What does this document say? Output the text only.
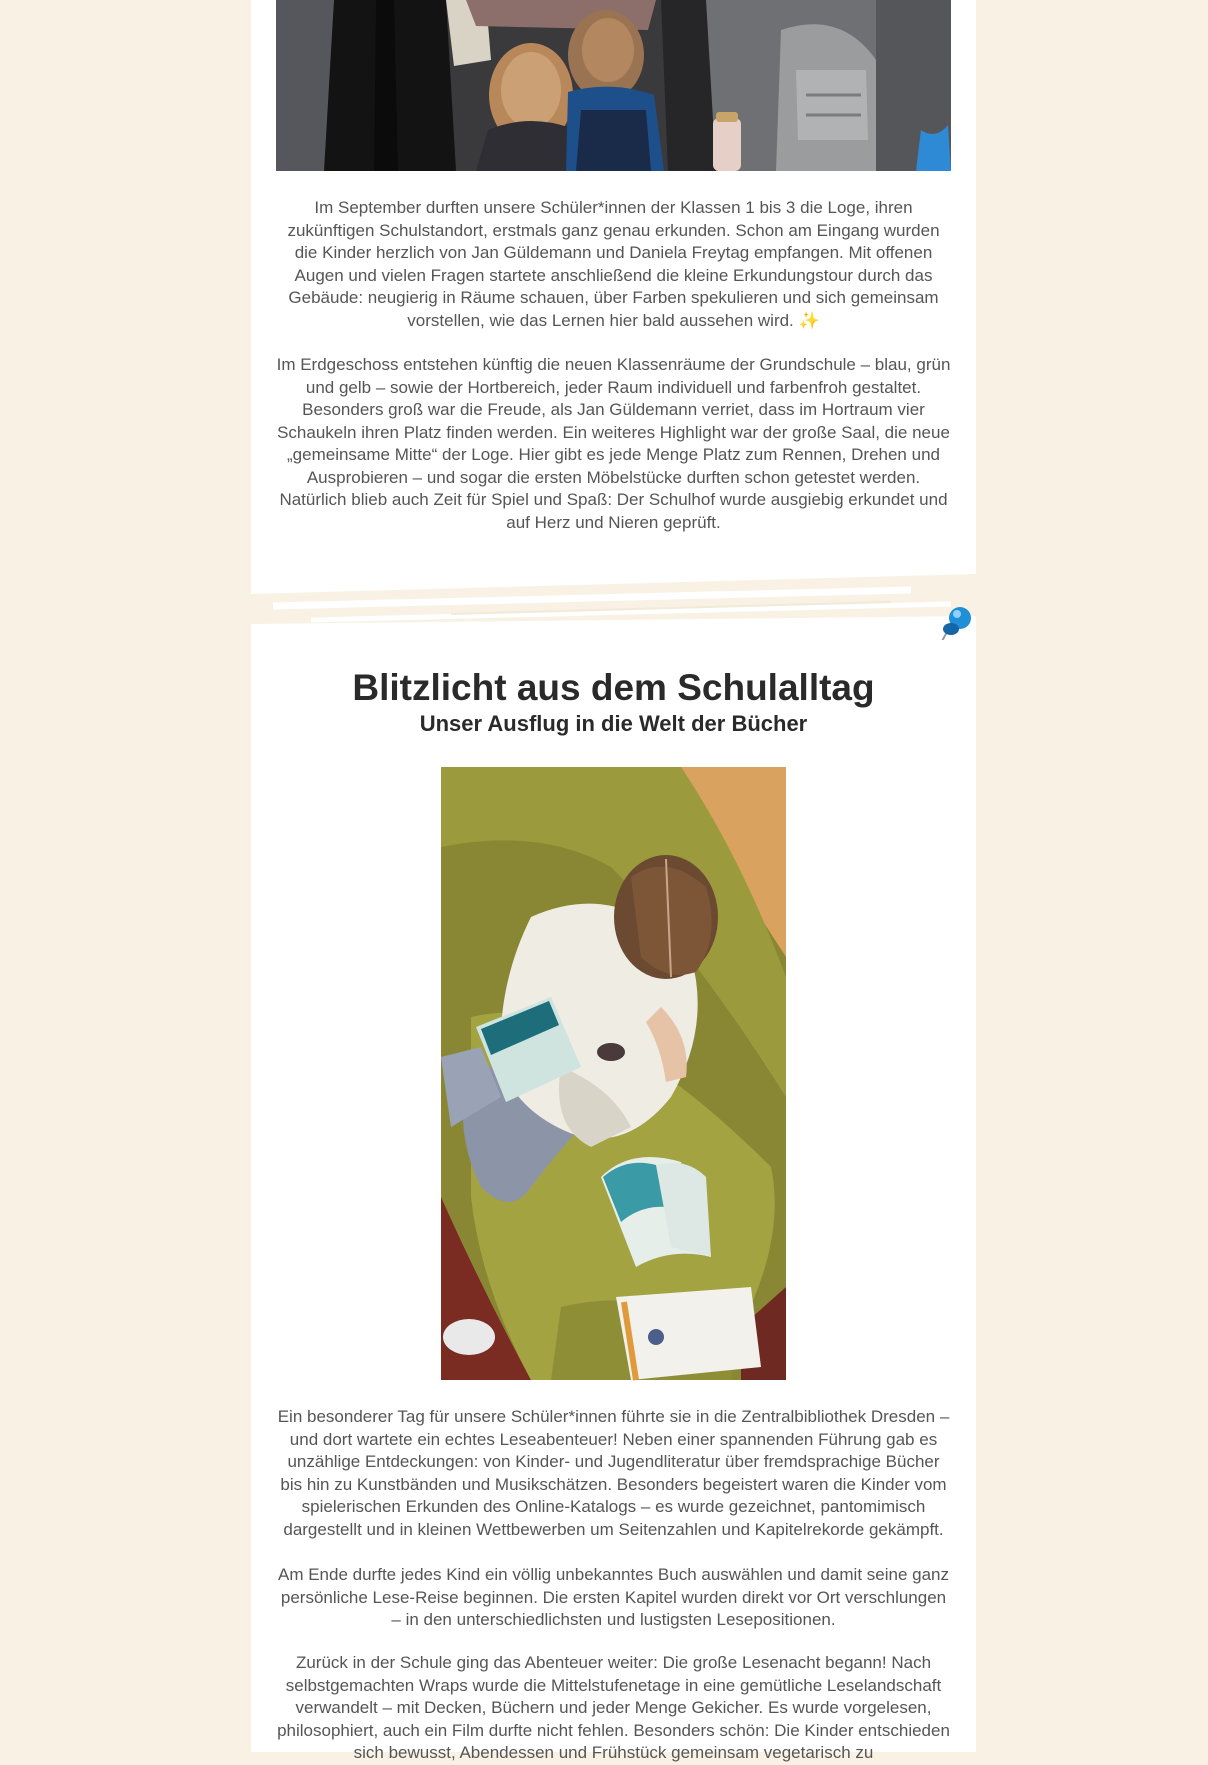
Im September durften unsere Schüler*innen der Klassen 1 bis 3 die Loge, ihren zukünftigen Schulstandort, erstmals ganz genau erkunden. Schon am Eingang wurden die Kinder herzlich von Jan Güldemann und Daniela Freytag empfangen. Mit offenen Augen und vielen Fragen startete anschließend die kleine Erkundungstour durch das Gebäude: neugierig in Räume schauen, über Farben spekulieren und sich gemeinsam vorstellen, wie das Lernen hier bald aussehen wird. ✨

Im Erdgeschoss entstehen künftig die neuen Klassenräume der Grundschule – blau, grün und gelb – sowie der Hortbereich, jeder Raum individuell und farbenfroh gestaltet. Besonders groß war die Freude, als Jan Güldemann verriet, dass im Hortraum vier Schaukeln ihren Platz finden werden. Ein weiteres Highlight war der große Saal, die neue „gemeinsame Mitte“ der Loge. Hier gibt es jede Menge Platz zum Rennen, Drehen und Ausprobieren – und sogar die ersten Möbelstücke durften schon getestet werden. Natürlich blieb auch Zeit für Spiel und Spaß: Der Schulhof wurde ausgiebig erkundet und auf Herz und Nieren geprüft.

Blitzlicht aus dem Schulalltag
Unser Ausflug in die Welt der Bücher

Ein besonderer Tag für unsere Schüler*innen führte sie in die Zentralbibliothek Dresden – und dort wartete ein echtes Leseabenteuer! Neben einer spannenden Führung gab es unzählige Entdeckungen: von Kinder- und Jugendliteratur über fremdsprachige Bücher bis hin zu Kunstbänden und Musikschätzen. Besonders begeistert waren die Kinder vom spielerischen Erkunden des Online-Katalogs – es wurde gezeichnet, pantomimisch dargestellt und in kleinen Wettbewerben um Seitenzahlen und Kapitelrekorde gekämpft.

Am Ende durfte jedes Kind ein völlig unbekanntes Buch auswählen und damit seine ganz persönliche Lese-Reise beginnen. Die ersten Kapitel wurden direkt vor Ort verschlungen – in den unterschiedlichsten und lustigsten Lesepositionen.

Zurück in der Schule ging das Abenteuer weiter: Die große Lesenacht begann! Nach selbstgemachten Wraps wurde die Mittelstufenetage in eine gemütliche Leselandschaft verwandelt – mit Decken, Büchern und jeder Menge Gekicher. Es wurde vorgelesen, philosophiert, auch ein Film durfte nicht fehlen. Besonders schön: Die Kinder entschieden sich bewusst, Abendessen und Frühstück gemeinsam vegetarisch zu
